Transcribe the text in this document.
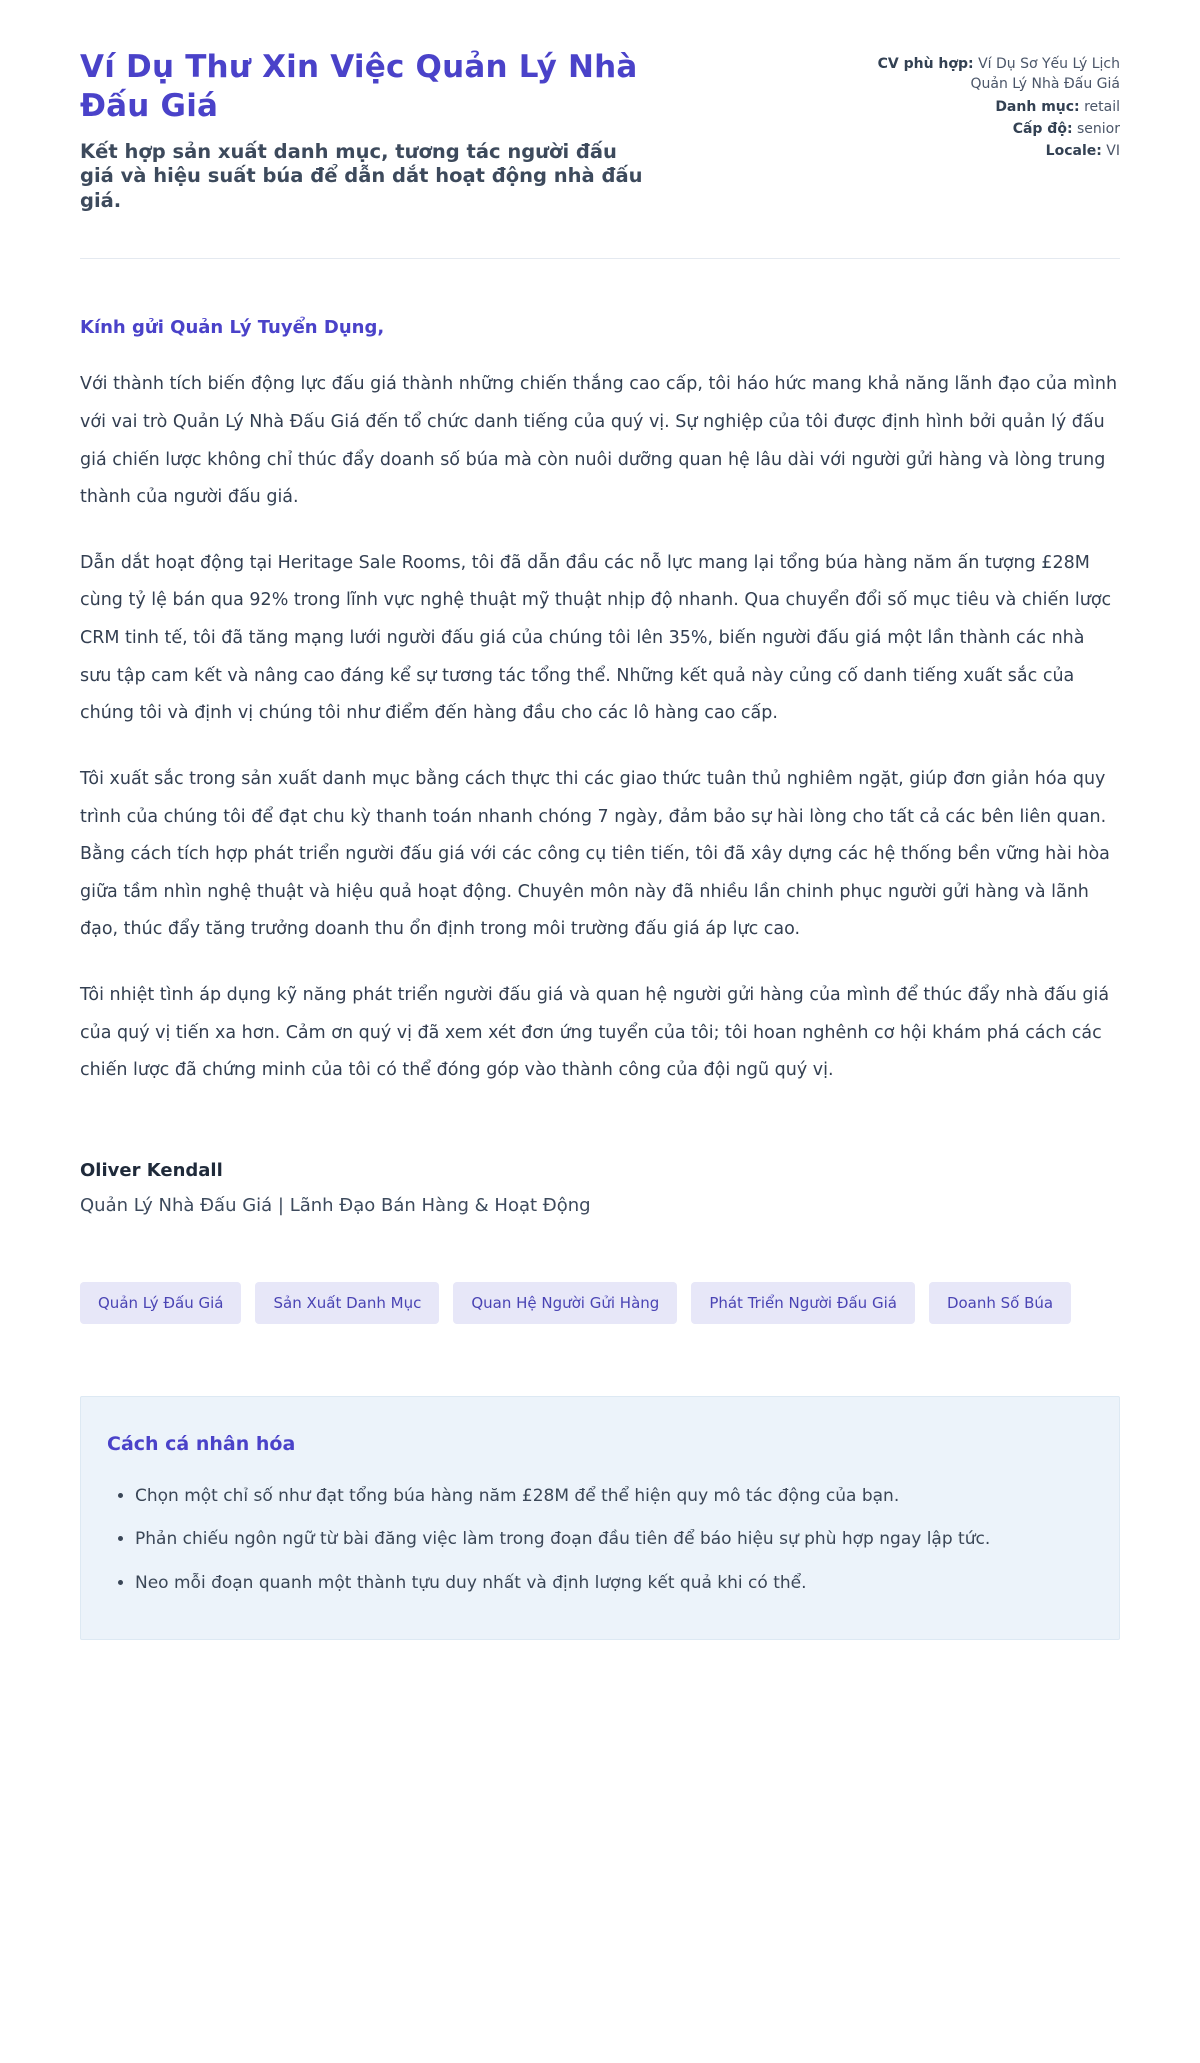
Ví Dụ Thư Xin Việc Quản Lý Nhà Đấu Giá

Kết hợp sản xuất danh mục, tương tác người đấu giá và hiệu suất búa để dẫn dắt hoạt động nhà đấu giá.

CV phù hợp: Ví Dụ Sơ Yếu Lý Lịch Quản Lý Nhà Đấu Giá
Danh mục: retail
Cấp độ: senior
Locale: VI

Kính gửi Quản Lý Tuyển Dụng,

Với thành tích biến động lực đấu giá thành những chiến thắng cao cấp, tôi háo hức mang khả năng lãnh đạo của mình với vai trò Quản Lý Nhà Đấu Giá đến tổ chức danh tiếng của quý vị. Sự nghiệp của tôi được định hình bởi quản lý đấu giá chiến lược không chỉ thúc đẩy doanh số búa mà còn nuôi dưỡng quan hệ lâu dài với người gửi hàng và lòng trung thành của người đấu giá.

Dẫn dắt hoạt động tại Heritage Sale Rooms, tôi đã dẫn đầu các nỗ lực mang lại tổng búa hàng năm ấn tượng £28M cùng tỷ lệ bán qua 92% trong lĩnh vực nghệ thuật mỹ thuật nhịp độ nhanh. Qua chuyển đổi số mục tiêu và chiến lược CRM tinh tế, tôi đã tăng mạng lưới người đấu giá của chúng tôi lên 35%, biến người đấu giá một lần thành các nhà sưu tập cam kết và nâng cao đáng kể sự tương tác tổng thể. Những kết quả này củng cố danh tiếng xuất sắc của chúng tôi và định vị chúng tôi như điểm đến hàng đầu cho các lô hàng cao cấp.

Tôi xuất sắc trong sản xuất danh mục bằng cách thực thi các giao thức tuân thủ nghiêm ngặt, giúp đơn giản hóa quy trình của chúng tôi để đạt chu kỳ thanh toán nhanh chóng 7 ngày, đảm bảo sự hài lòng cho tất cả các bên liên quan. Bằng cách tích hợp phát triển người đấu giá với các công cụ tiên tiến, tôi đã xây dựng các hệ thống bền vững hài hòa giữa tầm nhìn nghệ thuật và hiệu quả hoạt động. Chuyên môn này đã nhiều lần chinh phục người gửi hàng và lãnh đạo, thúc đẩy tăng trưởng doanh thu ổn định trong môi trường đấu giá áp lực cao.

Tôi nhiệt tình áp dụng kỹ năng phát triển người đấu giá và quan hệ người gửi hàng của mình để thúc đẩy nhà đấu giá của quý vị tiến xa hơn. Cảm ơn quý vị đã xem xét đơn ứng tuyển của tôi; tôi hoan nghênh cơ hội khám phá cách các chiến lược đã chứng minh của tôi có thể đóng góp vào thành công của đội ngũ quý vị.

Oliver Kendall

Quản Lý Nhà Đấu Giá | Lãnh Đạo Bán Hàng & Hoạt Động

Quản Lý Đấu Giá	Sản Xuất Danh Mục	Quan Hệ Người Gửi Hàng	Phát Triển Người Đấu Giá	Doanh Số Búa
Cách cá nhân hóa
• Chọn một chỉ số như đạt tổng búa hàng năm £28M để thể hiện quy mô tác động của bạn.
• Phản chiếu ngôn ngữ từ bài đăng việc làm trong đoạn đầu tiên để báo hiệu sự phù hợp ngay lập tức.
• Neo mỗi đoạn quanh một thành tựu duy nhất và định lượng kết quả khi có thể.
